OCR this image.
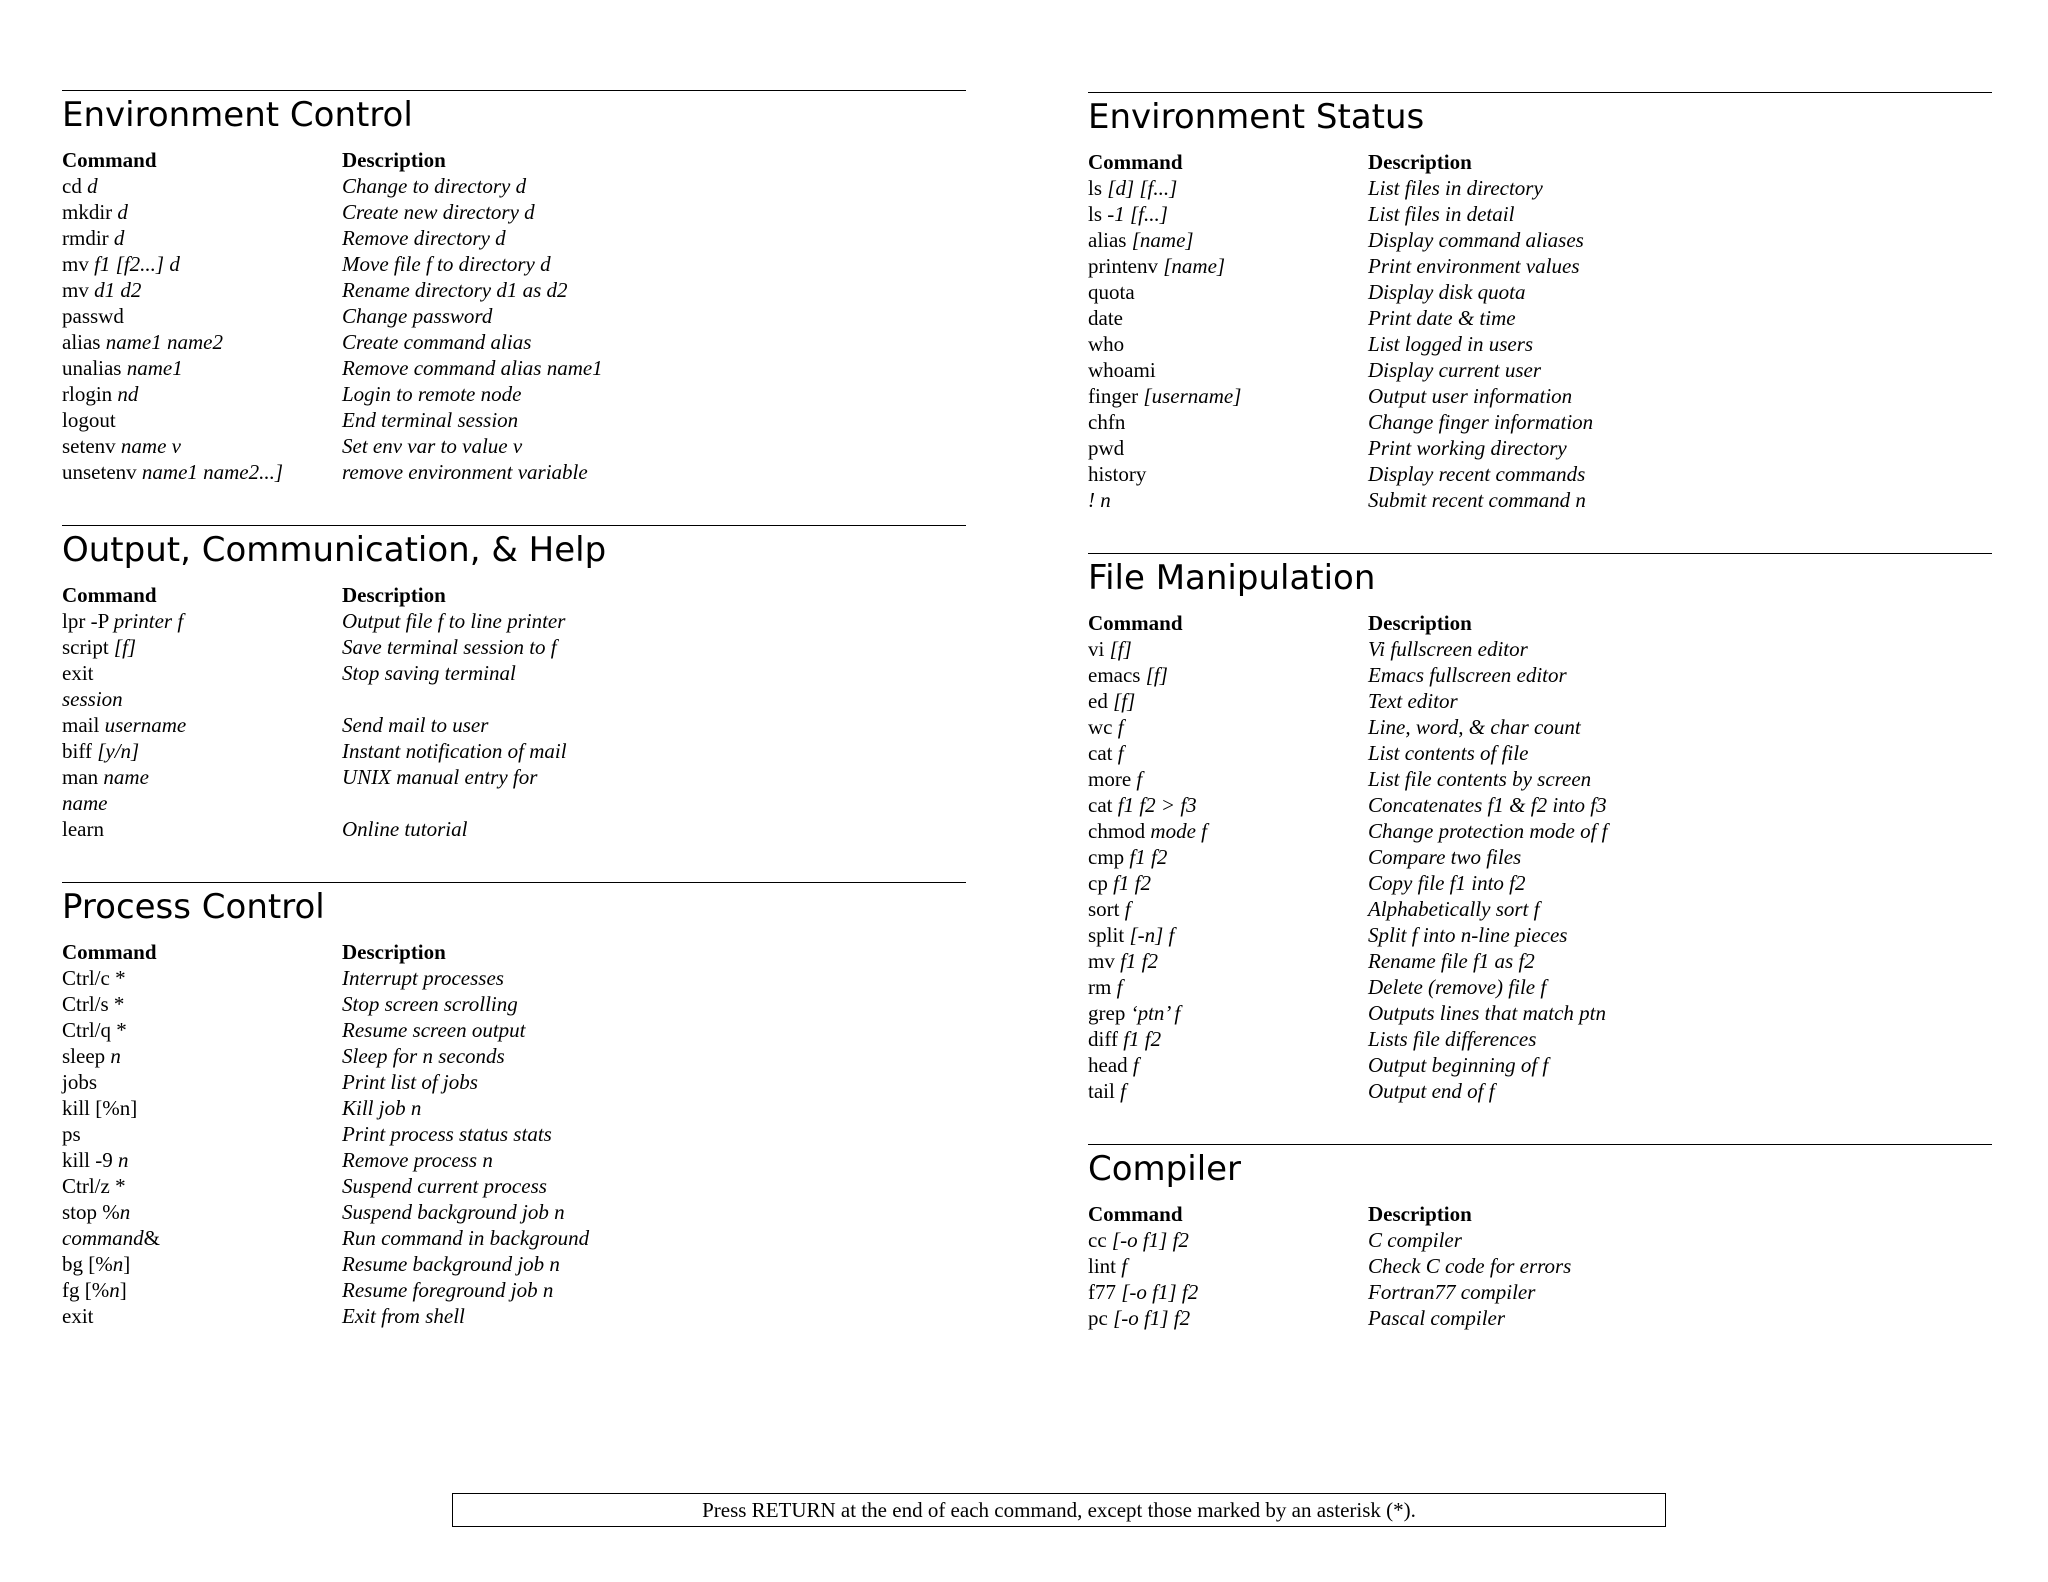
Environment Control
Command	Description
cd d	Change to directory d
mkdir d	Create new directory d
rmdir d	Remove directory d
mv f1 [f2...] d	Move file f to directory d
mv d1 d2	Rename directory d1 as d2
passwd	Change password
alias name1 name2	Create command alias
unalias name1	Remove command alias name1
rlogin nd	Login to remote node
logout	End terminal session
setenv name v	Set env var to value v
unsetenv name1 name2...]	remove environment variable
Output, Communication, & Help
Command	Description
lpr -P printer f	Output file f to line printer
script [f]	Save terminal session to f
exit	Stop saving terminal
session
mail username	Send mail to user
biff [y/n]	Instant notification of mail
man name	UNIX manual entry for
name
learn	Online tutorial
Process Control
Command	Description
Ctrl/c *	Interrupt processes
Ctrl/s *	Stop screen scrolling
Ctrl/q *	Resume screen output
sleep n	Sleep for n seconds
jobs	Print list of jobs
kill [%n]	Kill job n
ps	Print process status stats
kill -9 n	Remove process n
Ctrl/z *	Suspend current process
stop %n	Suspend background job n
command&	Run command in background
bg [%n]	Resume background job n
fg [%n]	Resume foreground job n
exit	Exit from shell
Environment Status
Command	Description
ls [d] [f...]	List files in directory
ls -1 [f...]	List files in detail
alias [name]	Display command aliases
printenv [name]	Print environment values
quota	Display disk quota
date	Print date & time
who	List logged in users
whoami	Display current user
finger [username]	Output user information
chfn	Change finger information
pwd	Print working directory
history	Display recent commands
! n	Submit recent command n
File Manipulation
Command	Description
vi [f]	Vi fullscreen editor
emacs [f]	Emacs fullscreen editor
ed [f]	Text editor
wc f	Line, word, & char count
cat f	List contents of file
more f	List file contents by screen
cat f1 f2 > f3	Concatenates f1 & f2 into f3
chmod mode f	Change protection mode of f
cmp f1 f2	Compare two files
cp f1 f2	Copy file f1 into f2
sort f	Alphabetically sort f
split [-n] f	Split f into n-line pieces
mv f1 f2	Rename file f1 as f2
rm f	Delete (remove) file f
grep ‘ptn’ f	Outputs lines that match ptn
diff f1 f2	Lists file differences
head f	Output beginning of f
tail f	Output end of f
Compiler
Command	Description
cc [-o f1] f2	C compiler
lint f	Check C code for errors
f77 [-o f1] f2	Fortran77 compiler
pc [-o f1] f2	Pascal compiler
Press RETURN at the end of each command, except those marked by an asterisk (*).
